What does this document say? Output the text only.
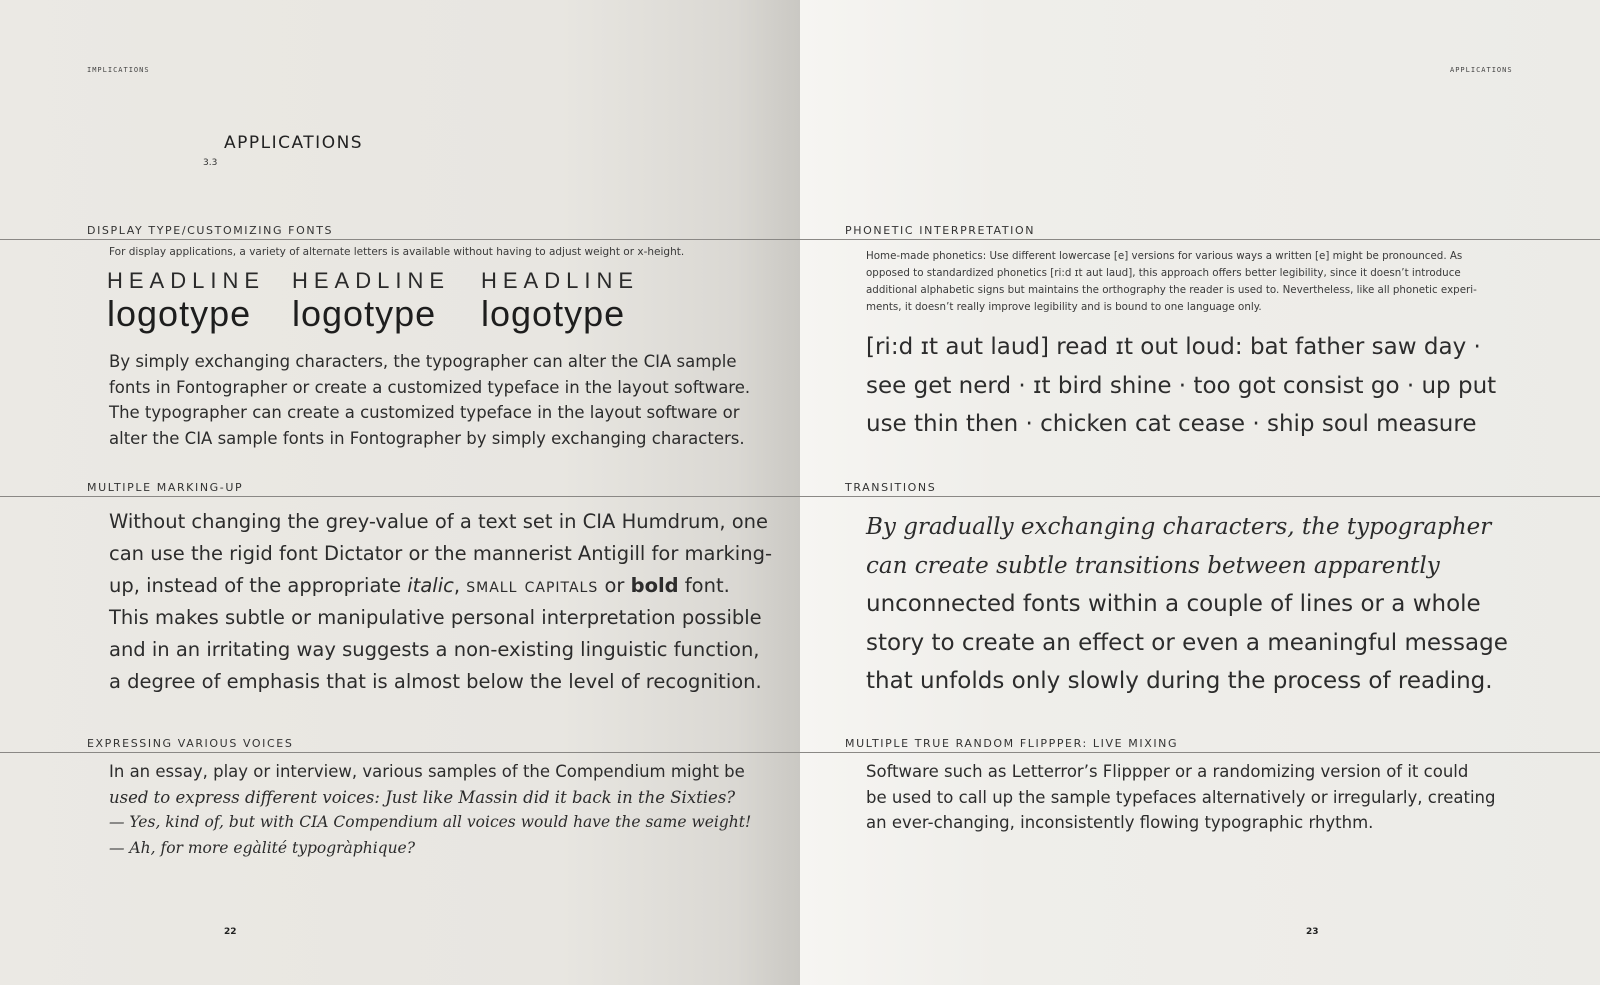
IMPLICATIONS
APPLICATIONS
3.3
DISPLAY TYPE/CUSTOMIZING FONTS
For display applications, a variety of alternate letters is available without having to adjust weight or x-height.
HEADLINE HEADLINE HEADLINE
logotype logotype logotype
By simply exchanging characters, the typographer can alter the CIA sample
fonts in Fontographer or create a customized typeface in the layout software.
The typographer can create a customized typeface in the layout software or
alter the CIA sample fonts in Fontographer by simply exchanging characters.
MULTIPLE MARKING-UP
Without changing the grey-value of a text set in CIA Humdrum, one
can use the rigid font Dictator or the mannerist Antigill for marking-
up, instead of the appropriate italic, small capitals or bold font.
This makes subtle or manipulative personal interpretation possible
and in an irritating way suggests a non-existing linguistic function,
a degree of emphasis that is almost below the level of recognition.
EXPRESSING VARIOUS VOICES
In an essay, play or interview, various samples of the Compendium might be
used to express different voices: Just like Massin did it back in the Sixties?
— Yes, kind of, but with CIA Compendium all voices would have the same weight!
— Ah, for more egàlité typogràphique?
22
APPLICATIONS
PHONETIC INTERPRETATION
Home-made phonetics: Use different lowercase [e] versions for various ways a written [e] might be pronounced. As
opposed to standardized phonetics [ri:d ɪt aut laud], this approach offers better legibility, since it doesn’t introduce
additional alphabetic signs but maintains the orthography the reader is used to. Nevertheless, like all phonetic experi-
ments, it doesn’t really improve legibility and is bound to one language only.
[ri:d ɪt aut laud] read ɪt out loud: bat father saw day ·
see get nerd · ɪt bird shine · too got consist go · up put
use thin then · chicken cat cease · ship soul measure
TRANSITIONS
By gradually exchanging characters, the typographer
can create subtle transitions between apparently
unconnected fonts within a couple of lines or a whole
story to create an effect or even a meaningful message
that unfolds only slowly during the process of reading.
MULTIPLE TRUE RANDOM FLIPPPER: LIVE MIXING
Software such as Letterror’s Flippper or a randomizing version of it could
be used to call up the sample typefaces alternatively or irregularly, creating
an ever-changing, inconsistently flowing typographic rhythm.
23
